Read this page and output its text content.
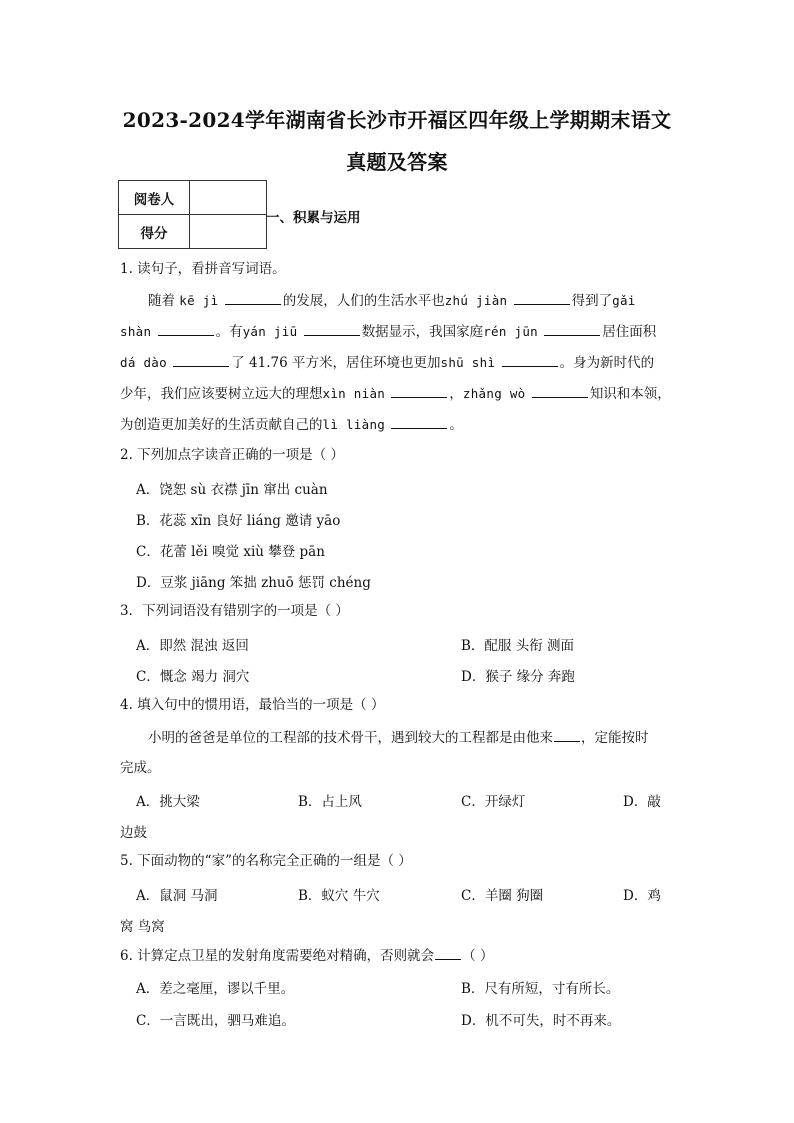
2023-2024学年湖南省长沙市开福区四年级上学期期末语文
真题及答案
阅卷人	
得分	
一、积累与运用
1. 读句子，看拼音写词语。
随着 kē jì	的发展，人们的生活水平也zhú jiàn	得到了gǎi
shàn	。有yán jiū	数据显示，我国家庭rén jūn	居住面积
dá dào	了 41.76 平方米，居住环境也更加shū shì	。身为新时代的
少年，我们应该要树立远大的理想xìn niàn	，zhǎng wò	知识和本领，
为创造更加美好的生活贡献自己的lì liàng	。
2. 下列加点字读音正确的一项是（ ）
A．饶恕 sù 衣襟 jīn 窜出 cuàn
B．花蕊 xīn 良好 liáng 邀请 yāo
C．花蕾 lěi 嗅觉 xiù 攀登 pān
D．豆浆 jiāng 笨拙 zhuō 惩罚 chéng
3．下列词语没有错别字的一项是（ ）
A．即然 混浊 返回	B．配服 头衔 测面
C．慨念 竭力 洞穴	D．猴子 缘分 奔跑
4. 填入句中的惯用语，最恰当的一项是（ ）
小明的爸爸是单位的工程部的技术骨干，遇到较大的工程都是由他来 ，定能按时
完成。
A．挑大梁	B．占上风	C．开绿灯	D．敲
边鼓
5. 下面动物的“家”的名称完全正确的一组是（ ）
A．鼠洞 马洞	B．蚁穴 牛穴	C．羊圈 狗圈	D．鸡
窝 鸟窝
6. 计算定点卫星的发射角度需要绝对精确，否则就会 （ ）
A．差之毫厘，谬以千里。	B．尺有所短，寸有所长。
C．一言既出，驷马难追。	D．机不可失，时不再来。
